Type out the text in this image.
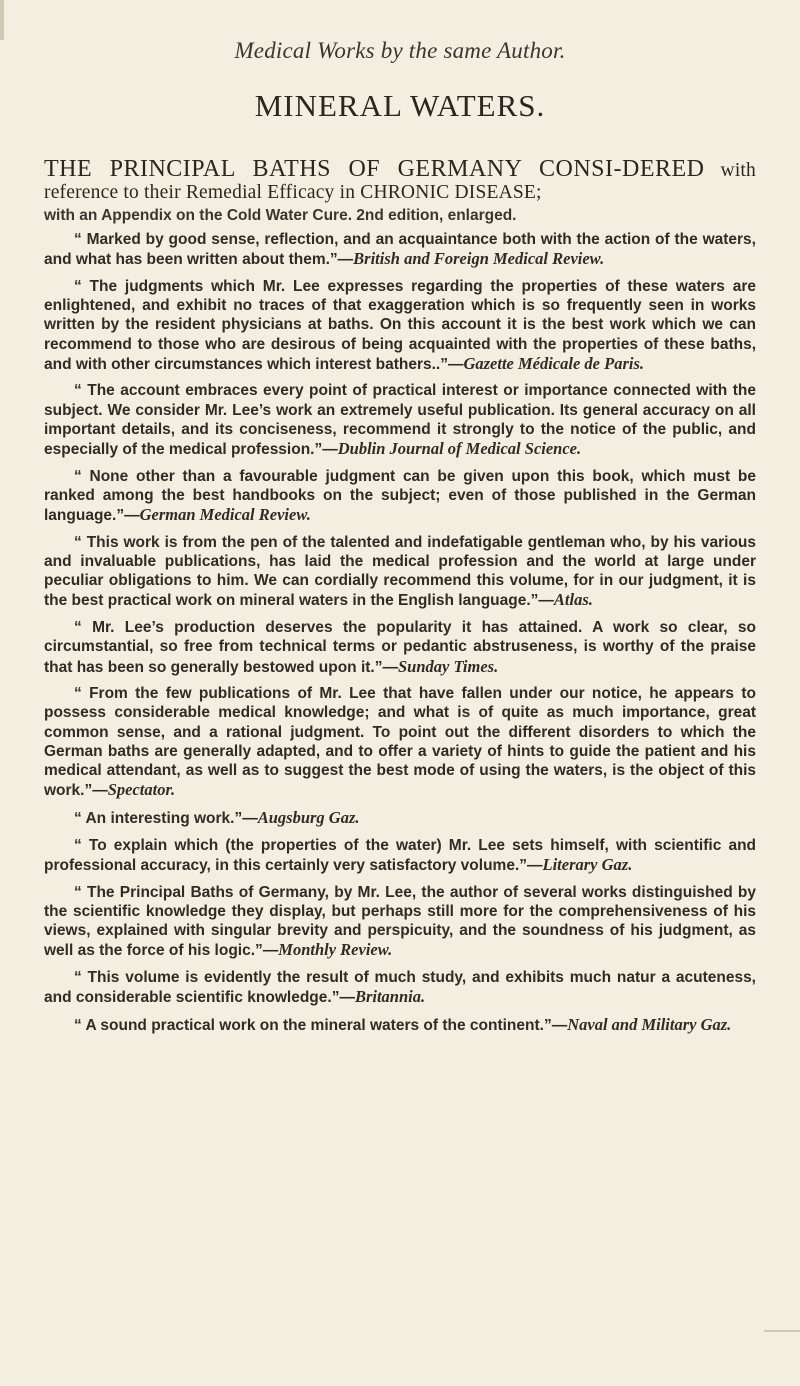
Medical Works by the same Author.
MINERAL WATERS.

THE PRINCIPAL BATHS OF GERMANY CONSI-DERED with reference to their Remedial Efficacy in CHRONIC DISEASE;

with an Appendix on the Cold Water Cure. 2nd edition, enlarged.

“ Marked by good sense, reflection, and an acquaintance both with the action of the waters, and what has been written about them.”—British and Foreign Medical Review.

“ The judgments which Mr. Lee expresses regarding the properties of these waters are enlightened, and exhibit no traces of that exaggeration which is so frequently seen in works written by the resident physicians at baths. On this account it is the best work which we can recommend to those who are desirous of being acquainted with the properties of these baths, and with other circumstances which interest bathers..”—Gazette Médicale de Paris.

“ The account embraces every point of practical interest or importance connected with the subject. We consider Mr. Lee’s work an extremely useful publication. Its general accuracy on all important details, and its conciseness, recommend it strongly to the notice of the public, and especially of the medical profession.”—Dublin Journal of Medical Science.

“ None other than a favourable judgment can be given upon this book, which must be ranked among the best handbooks on the subject; even of those published in the German language.”—German Medical Review.

“ This work is from the pen of the talented and indefatigable gentleman who, by his various and invaluable publications, has laid the medical profession and the world at large under peculiar obligations to him. We can cordially recommend this volume, for in our judgment, it is the best practical work on mineral waters in the English language.”—Atlas.

“ Mr. Lee’s production deserves the popularity it has attained. A work so clear, so circumstantial, so free from technical terms or pedantic abstruseness, is worthy of the praise that has been so generally bestowed upon it.”—Sunday Times.

“ From the few publications of Mr. Lee that have fallen under our notice, he appears to possess considerable medical knowledge; and what is of quite as much importance, great common sense, and a rational judgment. To point out the different disorders to which the German baths are generally adapted, and to offer a variety of hints to guide the patient and his medical attendant, as well as to suggest the best mode of using the waters, is the object of this work.”—Spectator.

“ An interesting work.”—Augsburg Gaz.

“ To explain which (the properties of the water) Mr. Lee sets himself, with scientific and professional accuracy, in this certainly very satisfactory volume.”—Literary Gaz.

“ The Principal Baths of Germany, by Mr. Lee, the author of several works distinguished by the scientific knowledge they display, but perhaps still more for the comprehensiveness of his views, explained with singular brevity and perspicuity, and the soundness of his judgment, as well as the force of his logic.”—Monthly Review.

“ This volume is evidently the result of much study, and exhibits much natur a acuteness, and considerable scientific knowledge.”—Britannia.

“ A sound practical work on the mineral waters of the continent.”—Naval and Military Gaz.
